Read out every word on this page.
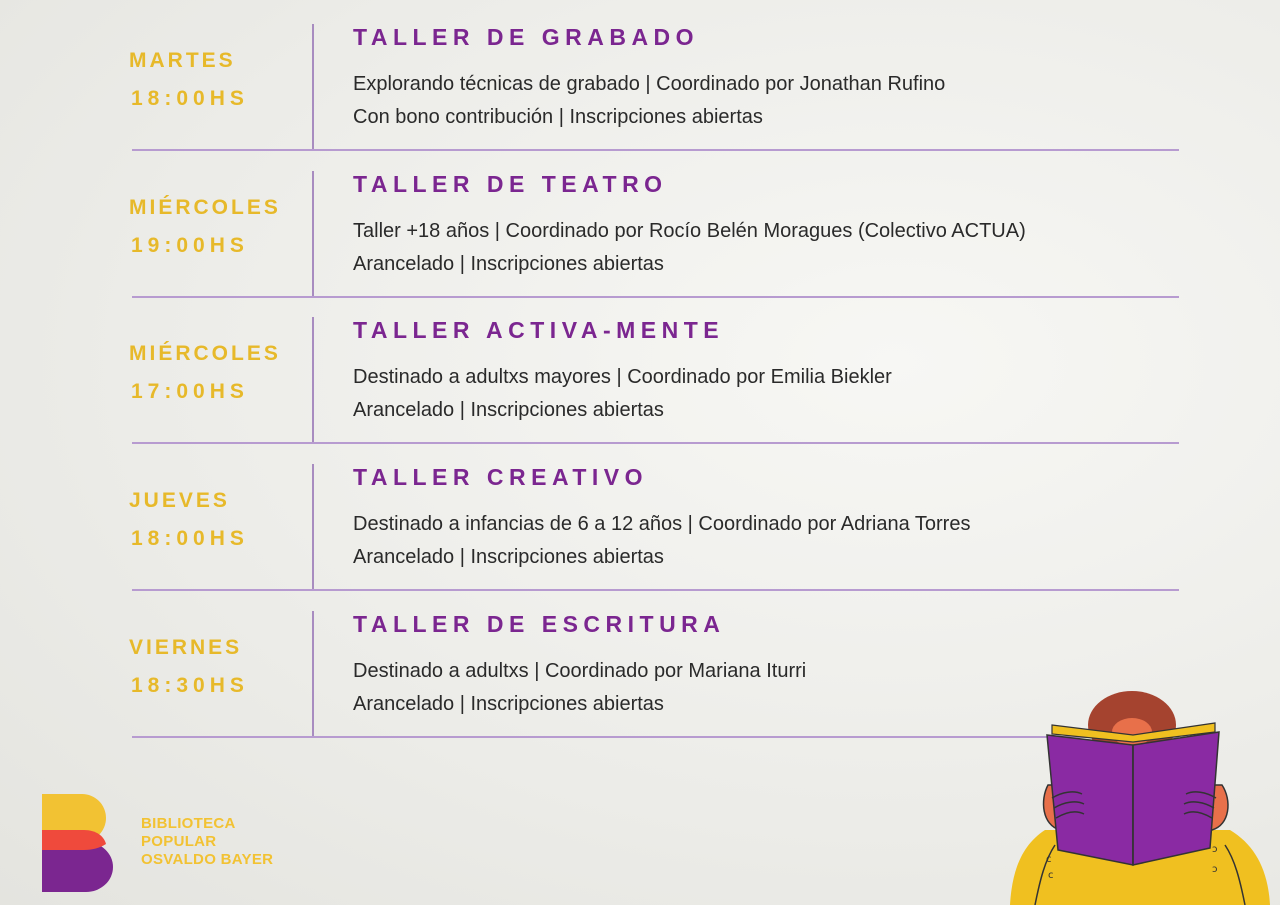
MARTES
18:00HS
TALLER DE GRABADO
Explorando técnicas de grabado | Coordinado por Jonathan Rufino
Con bono contribución | Inscripciones abiertas
MIÉRCOLES
19:00HS
TALLER DE TEATRO
Taller +18 años | Coordinado por Rocío Belén Moragues (Colectivo ACTUA)
Arancelado | Inscripciones abiertas
MIÉRCOLES
17:00HS
TALLER ACTIVA-MENTE
Destinado a adultxs mayores | Coordinado por Emilia Biekler
Arancelado | Inscripciones abiertas
JUEVES
18:00HS
TALLER CREATIVO
Destinado a infancias de 6 a 12 años | Coordinado por Adriana Torres
Arancelado | Inscripciones abiertas
VIERNES
18:30HS
TALLER DE ESCRITURA
Destinado a adultxs | Coordinado por Mariana Iturri
Arancelado | Inscripciones abiertas
BIBLIOTECA
POPULAR
OSVALDO BAYER	c
c
ɔ
ɔ
